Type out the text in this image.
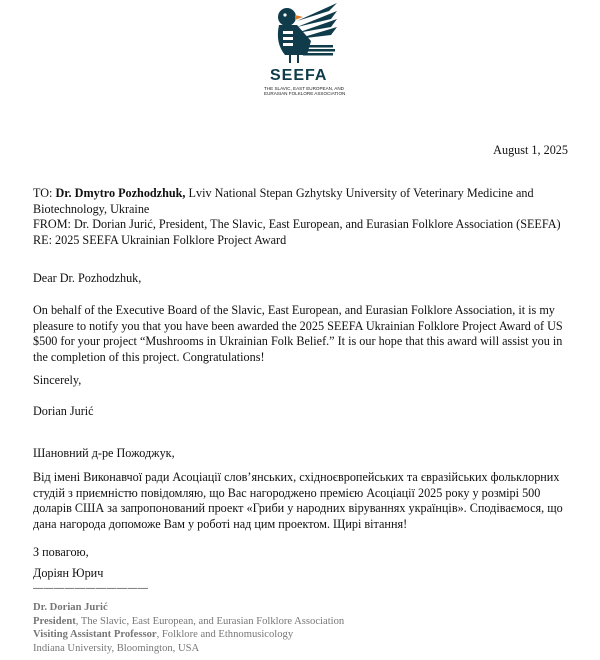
SEEFA
THE SLAVIC, EAST EUROPEAN, AND EURASIAN FOLKLORE ASSOCIATION
August 1, 2025
TO: Dr. Dmytro Pozhodzhuk, Lviv National Stepan Gzhytsky University of Veterinary Medicine and Biotechnology, Ukraine
FROM: Dr. Dorian Jurić, President, The Slavic, East European, and Eurasian Folklore Association (SEEFA)
RE: 2025 SEEFA Ukrainian Folklore Project Award
Dear Dr. Pozhodzhuk,
On behalf of the Executive Board of the Slavic, East European, and Eurasian Folklore Association, it is my pleasure to notify you that you have been awarded the 2025 SEEFA Ukrainian Folklore Project Award of US $500 for your project “Mushrooms in Ukrainian Folk Belief.” It is our hope that this award will assist you in the completion of this project. Congratulations!
Sincerely,
Dorian Jurić
Шановний д-ре Пожоджук,
Від імені Виконавчої ради Асоціації слов’янських, східноєвропейських та євразійських фольклорних студій з приємністю повідомляю, що Вас нагороджено премією Асоціації 2025 року у розмірі 500 доларів США за запропонований проект «Гриби у народних віруваннях українців». Сподіваємося, що дана нагорода допоможе Вам у роботі над цим проектом. Щирі вітання!
З повагою,
Доріян Юрич
———————————
Dr. Dorian Jurić
President, The Slavic, East European, and Eurasian Folklore Association
Visiting Assistant Professor, Folklore and Ethnomusicology
Indiana University, Bloomington, USA
